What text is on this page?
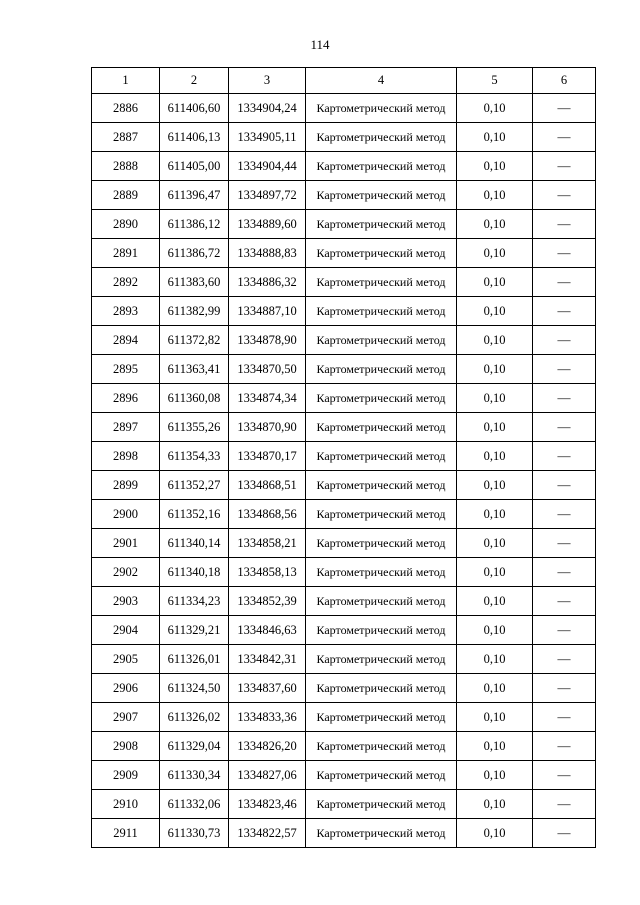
114
1	2	3	4	5	6
2886	611406,60	1334904,24	Картометрический метод	0,10	—
2887	611406,13	1334905,11	Картометрический метод	0,10	—
2888	611405,00	1334904,44	Картометрический метод	0,10	—
2889	611396,47	1334897,72	Картометрический метод	0,10	—
2890	611386,12	1334889,60	Картометрический метод	0,10	—
2891	611386,72	1334888,83	Картометрический метод	0,10	—
2892	611383,60	1334886,32	Картометрический метод	0,10	—
2893	611382,99	1334887,10	Картометрический метод	0,10	—
2894	611372,82	1334878,90	Картометрический метод	0,10	—
2895	611363,41	1334870,50	Картометрический метод	0,10	—
2896	611360,08	1334874,34	Картометрический метод	0,10	—
2897	611355,26	1334870,90	Картометрический метод	0,10	—
2898	611354,33	1334870,17	Картометрический метод	0,10	—
2899	611352,27	1334868,51	Картометрический метод	0,10	—
2900	611352,16	1334868,56	Картометрический метод	0,10	—
2901	611340,14	1334858,21	Картометрический метод	0,10	—
2902	611340,18	1334858,13	Картометрический метод	0,10	—
2903	611334,23	1334852,39	Картометрический метод	0,10	—
2904	611329,21	1334846,63	Картометрический метод	0,10	—
2905	611326,01	1334842,31	Картометрический метод	0,10	—
2906	611324,50	1334837,60	Картометрический метод	0,10	—
2907	611326,02	1334833,36	Картометрический метод	0,10	—
2908	611329,04	1334826,20	Картометрический метод	0,10	—
2909	611330,34	1334827,06	Картометрический метод	0,10	—
2910	611332,06	1334823,46	Картометрический метод	0,10	—
2911	611330,73	1334822,57	Картометрический метод	0,10	—
